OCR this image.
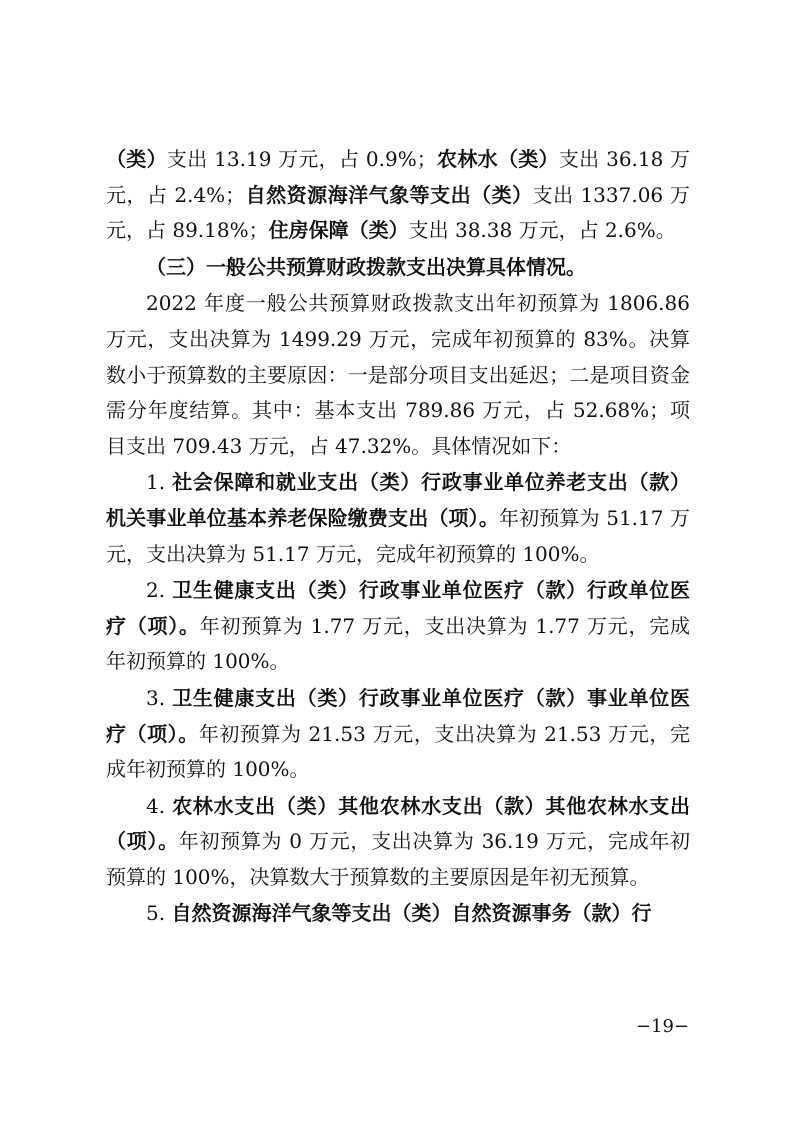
（类）支出 13.19 万元，占 0.9%；农林水（类）支出 36.18 万元，占 2.4%；自然资源海洋气象等支出（类）支出 1337.06 万元，占 89.18%；住房保障（类）支出 38.38 万元，占 2.6%。

（三）一般公共预算财政拨款支出决算具体情况。

2022 年度一般公共预算财政拨款支出年初预算为 1806.86 万元，支出决算为 1499.29 万元，完成年初预算的 83%。决算数小于预算数的主要原因：一是部分项目支出延迟；二是项目资金需分年度结算。其中：基本支出 789.86 万元，占 52.68%；项目支出 709.43 万元，占 47.32%。具体情况如下：

1. 社会保障和就业支出（类）行政事业单位养老支出（款）机关事业单位基本养老保险缴费支出（项）。年初预算为 51.17 万元，支出决算为 51.17 万元，完成年初预算的 100%。

2. 卫生健康支出（类）行政事业单位医疗（款）行政单位医疗（项）。年初预算为 1.77 万元，支出决算为 1.77 万元，完成年初预算的 100%。

3. 卫生健康支出（类）行政事业单位医疗（款）事业单位医疗（项）。年初预算为 21.53 万元，支出决算为 21.53 万元，完成年初预算的 100%。

4. 农林水支出（类）其他农林水支出（款）其他农林水支出（项）。年初预算为 0 万元，支出决算为 36.19 万元，完成年初预算的 100%，决算数大于预算数的主要原因是年初无预算。

5. 自然资源海洋气象等支出（类）自然资源事务（款）行

−19−
